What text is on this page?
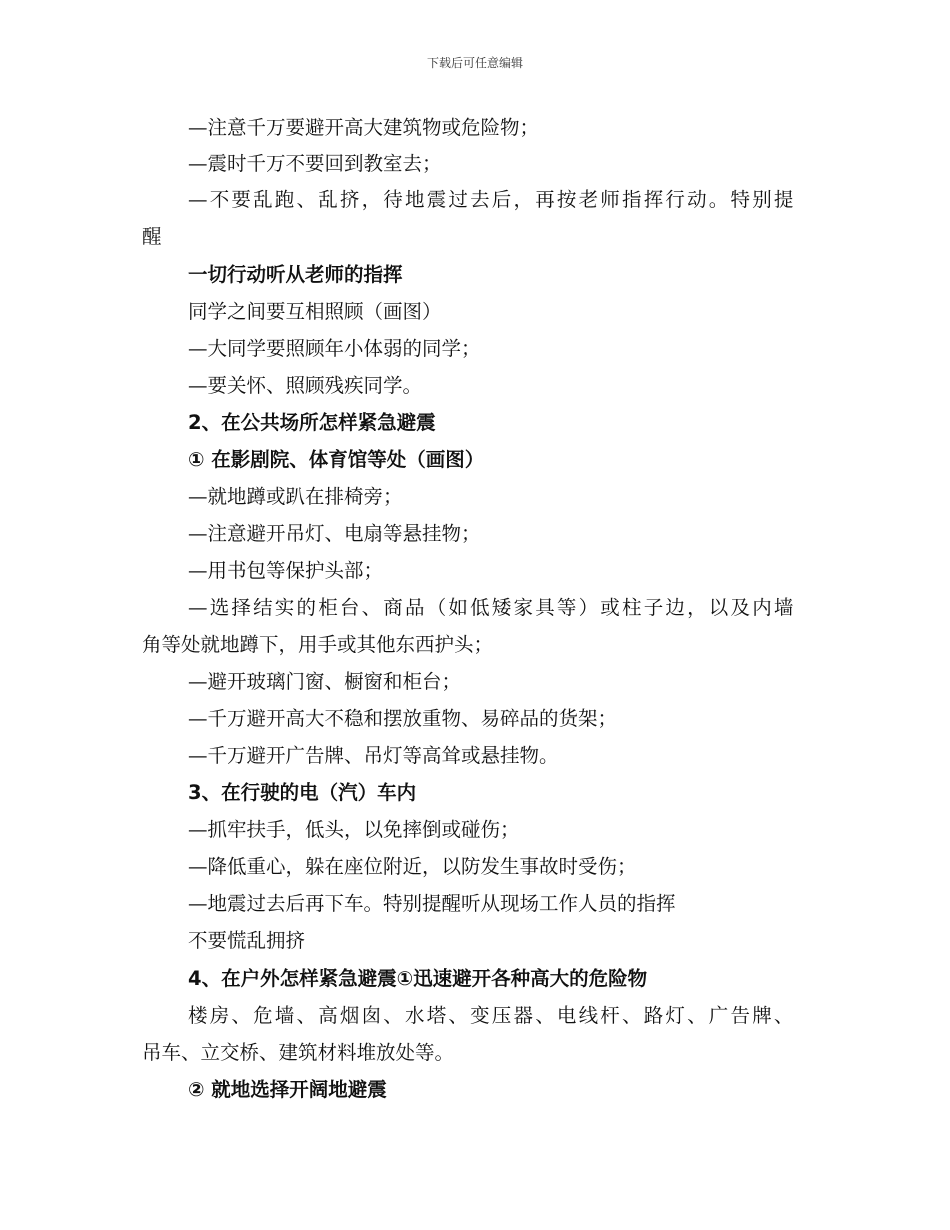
下载后可任意编辑
—注意千万要避开高大建筑物或危险物；
—震时千万不要回到教室去；
—不要乱跑、乱挤，待地震过去后，再按老师指挥行动。特别提
醒
一切行动听从老师的指挥
同学之间要互相照顾（画图）
—大同学要照顾年小体弱的同学；
—要关怀、照顾残疾同学。
2、在公共场所怎样紧急避震
① 在影剧院、体育馆等处（画图）
—就地蹲或趴在排椅旁；
—注意避开吊灯、电扇等悬挂物；
—用书包等保护头部；
—选择结实的柜台、商品（如低矮家具等）或柱子边，以及内墙
角等处就地蹲下，用手或其他东西护头；
—避开玻璃门窗、橱窗和柜台；
—千万避开高大不稳和摆放重物、易碎品的货架；
—千万避开广告牌、吊灯等高耸或悬挂物。
3、在行驶的电（汽）车内
—抓牢扶手，低头，以免摔倒或碰伤；
—降低重心，躲在座位附近，以防发生事故时受伤；
—地震过去后再下车。特别提醒听从现场工作人员的指挥
不要慌乱拥挤
4、在户外怎样紧急避震①迅速避开各种高大的危险物
楼房、危墙、高烟囱、水塔、变压器、电线杆、路灯、广告牌、
吊车、立交桥、建筑材料堆放处等。
② 就地选择开阔地避震
